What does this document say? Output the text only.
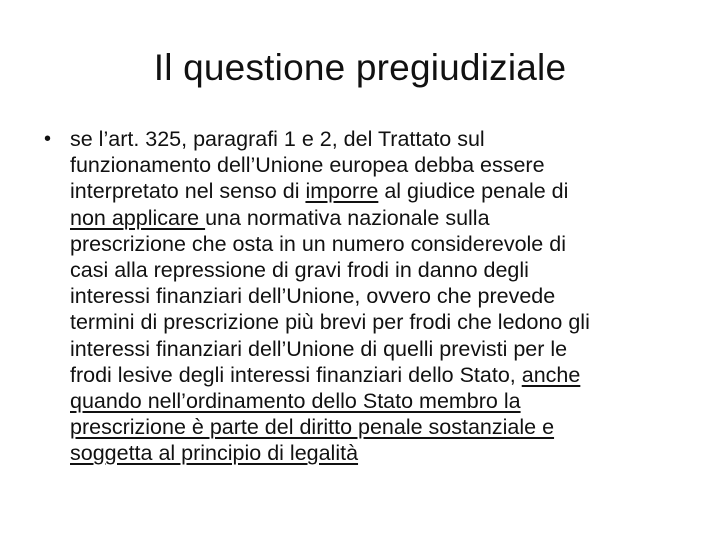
Il questione pregiudiziale
• se l’art. 325, paragrafi 1 e 2, del Trattato sul
funzionamento dell’Unione europea debba essere
interpretato nel senso di imporre al giudice penale di
non applicare una normativa nazionale sulla
prescrizione che osta in un numero considerevole di
casi alla repressione di gravi frodi in danno degli
interessi finanziari dell’Unione, ovvero che prevede
termini di prescrizione più brevi per frodi che ledono gli
interessi finanziari dell’Unione di quelli previsti per le
frodi lesive degli interessi finanziari dello Stato, anche
quando nell’ordinamento dello Stato membro la
prescrizione è parte del diritto penale sostanziale e
soggetta al principio di legalità
